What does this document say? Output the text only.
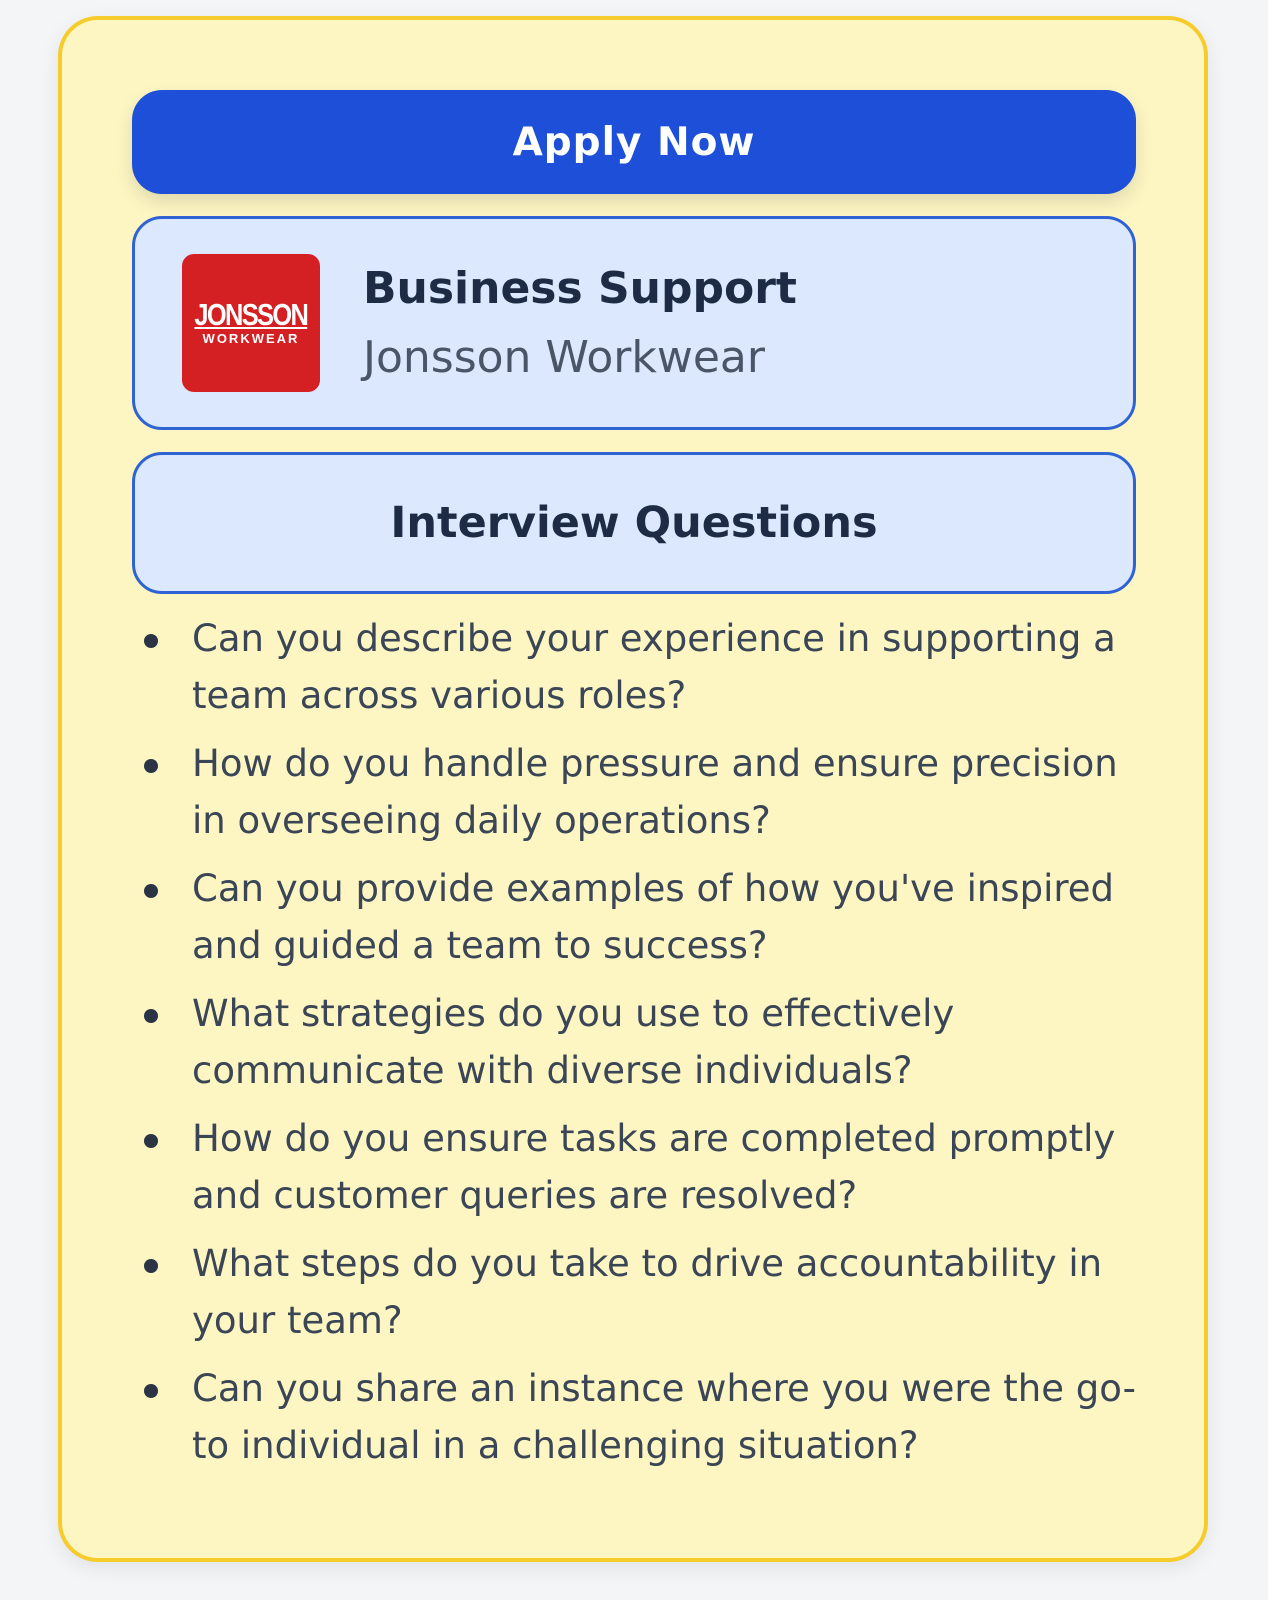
Apply Now
JONSSON
WORKWEAR
Business Support
Jonsson Workwear
Interview Questions
Can you describe your experience in supporting a team across various roles?
How do you handle pressure and ensure precision in overseeing daily operations?
Can you provide examples of how you've inspired and guided a team to success?
What strategies do you use to effectively communicate with diverse individuals?
How do you ensure tasks are completed promptly and customer queries are resolved?
What steps do you take to drive accountability in your team?
Can you share an instance where you were the go-to individual in a challenging situation?
